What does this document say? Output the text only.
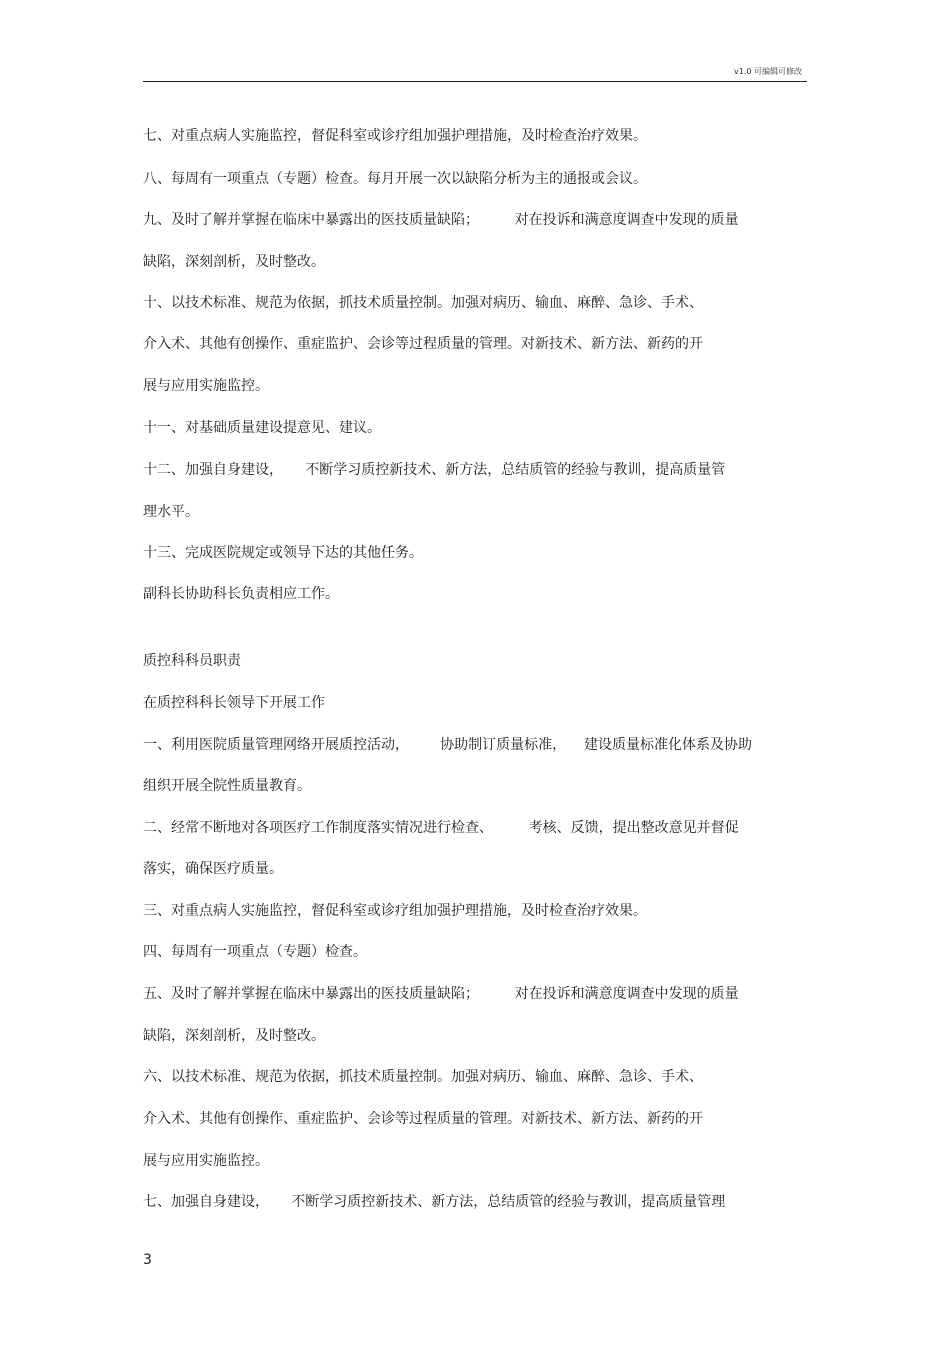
v1.0 可编辑可修改
七、对重点病人实施监控，督促科室或诊疗组加强护理措施，及时检查治疗效果。
八、每周有一项重点（专题）检查。每月开展一次以缺陷分析为主的通报或会议。
九、及时了解并掌握在临床中暴露出的医技质量缺陷；        对在投诉和满意度调查中发现的质量
缺陷，深刻剖析，及时整改。
十、以技术标准、规范为依据，抓技术质量控制。加强对病历、输血、麻醉、急诊、手术、
介入术、其他有创操作、重症监护、会诊等过程质量的管理。对新技术、新方法、新药的开
展与应用实施监控。
十一、对基础质量建设提意见、建议。
十二、加强自身建设，     不断学习质控新技术、新方法，总结质管的经验与教训，提高质量管
理水平。
十三、完成医院规定或领导下达的其他任务。
副科长协助科长负责相应工作。
质控科科员职责
在质控科科长领导下开展工作
一、利用医院质量管理网络开展质控活动，       协助制订质量标准，    建设质量标准化体系及协助
组织开展全院性质量教育。
二、经常不断地对各项医疗工作制度落实情况进行检查、        考核、反馈，提出整改意见并督促
落实，确保医疗质量。
三、对重点病人实施监控，督促科室或诊疗组加强护理措施，及时检查治疗效果。
四、每周有一项重点（专题）检查。
五、及时了解并掌握在临床中暴露出的医技质量缺陷；        对在投诉和满意度调查中发现的质量
缺陷，深刻剖析，及时整改。
六、以技术标准、规范为依据，抓技术质量控制。加强对病历、输血、麻醉、急诊、手术、
介入术、其他有创操作、重症监护、会诊等过程质量的管理。对新技术、新方法、新药的开
展与应用实施监控。
七、加强自身建设，     不断学习质控新技术、新方法，总结质管的经验与教训，提高质量管理
3
